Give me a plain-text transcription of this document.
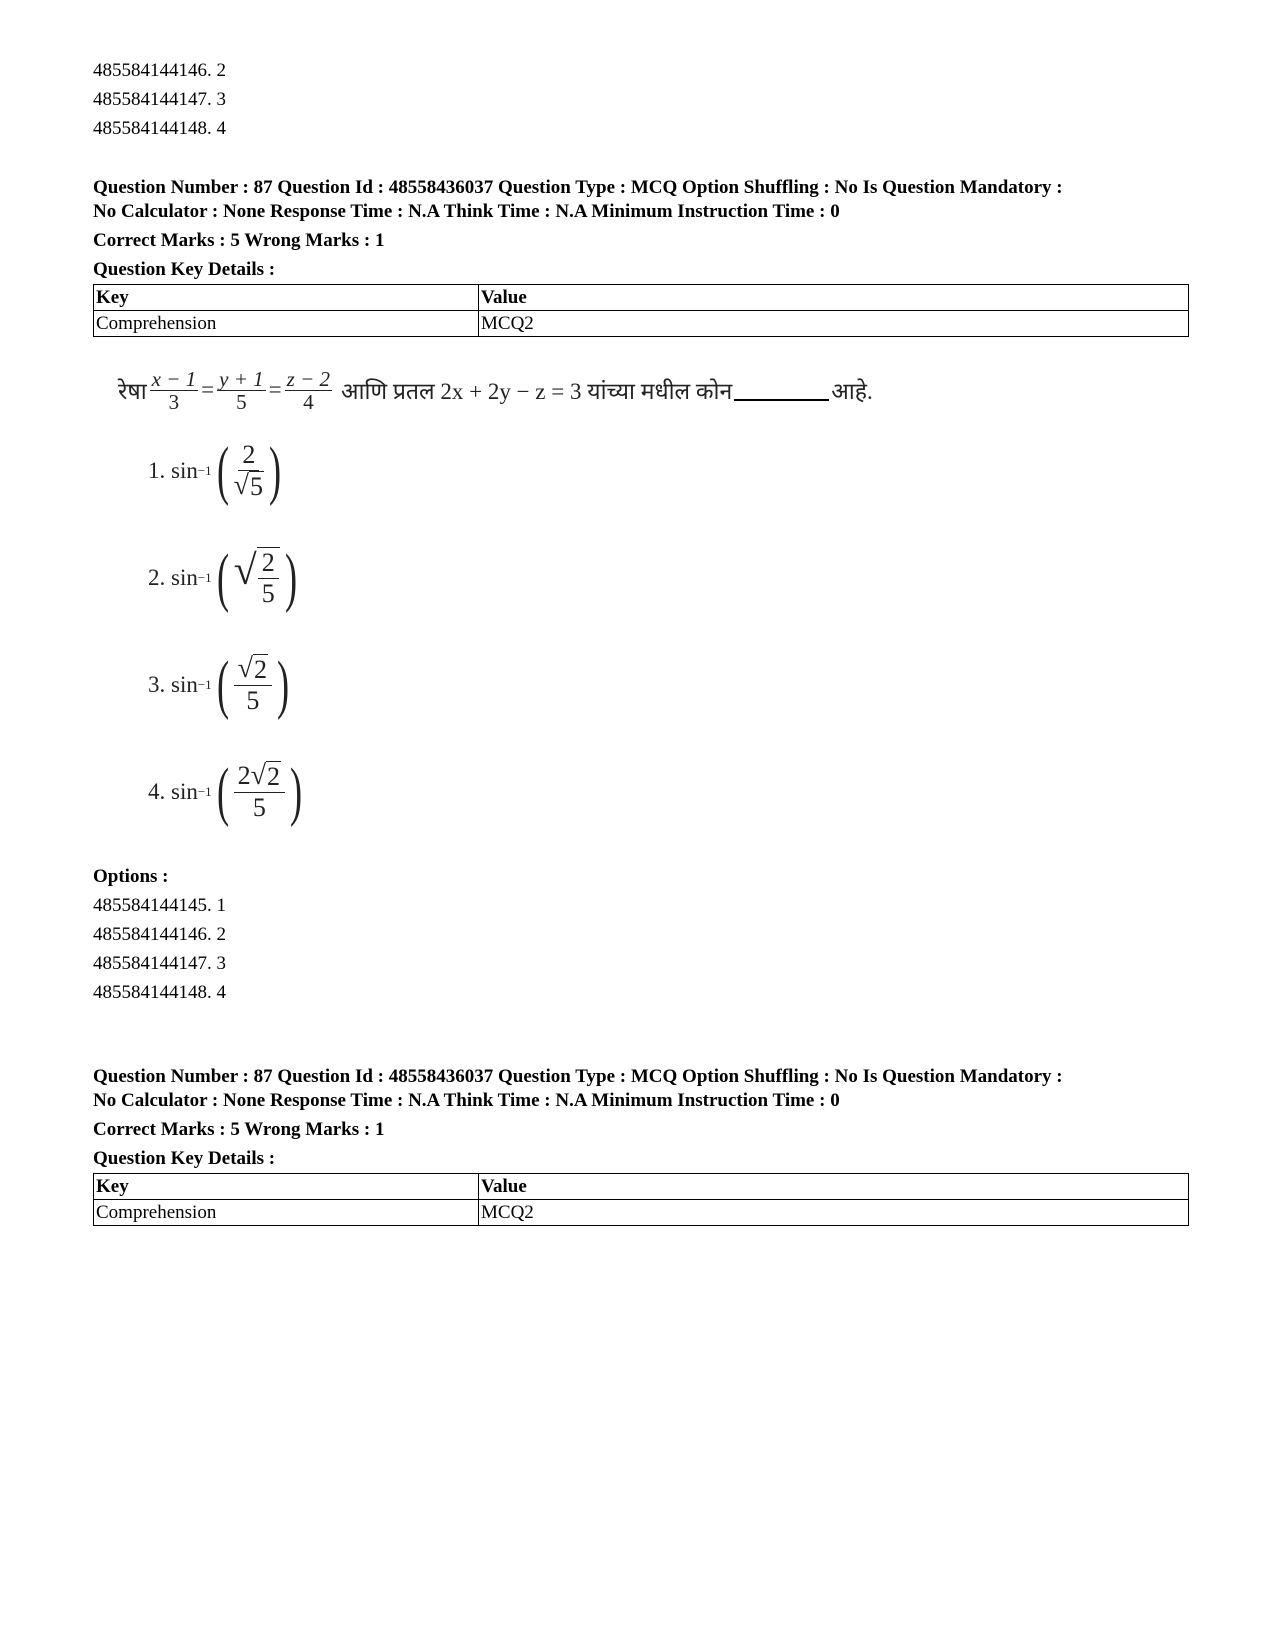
485584144146. 2
485584144147. 3
485584144148. 4
Question Number : 87 Question Id : 48558436037 Question Type : MCQ Option Shuffling : No Is Question Mandatory :
No Calculator : None Response Time : N.A Think Time : N.A Minimum Instruction Time : 0
Correct Marks : 5 Wrong Marks : 1
Question Key Details :
Key	Value
Comprehension	MCQ2
रेषा $\frac{x - 1}{3} = \frac{y + 1}{5} = \frac{z - 2}{4}$ आणि प्रतल 2x + 2y − z = 3 यांच्या मधील कोन	आहे.
1. sin −1 ( 2
√ 5 )
2. sin −1 ( √ 2
5 )
3. sin −1 ( √ 2
5 )
4. sin −1 ( 2 √ 2
5 )
Options :
485584144145. 1
485584144146. 2
485584144147. 3
485584144148. 4
Question Number : 87 Question Id : 48558436037 Question Type : MCQ Option Shuffling : No Is Question Mandatory :
No Calculator : None Response Time : N.A Think Time : N.A Minimum Instruction Time : 0
Correct Marks : 5 Wrong Marks : 1
Question Key Details :
Key	Value
Comprehension	MCQ2
